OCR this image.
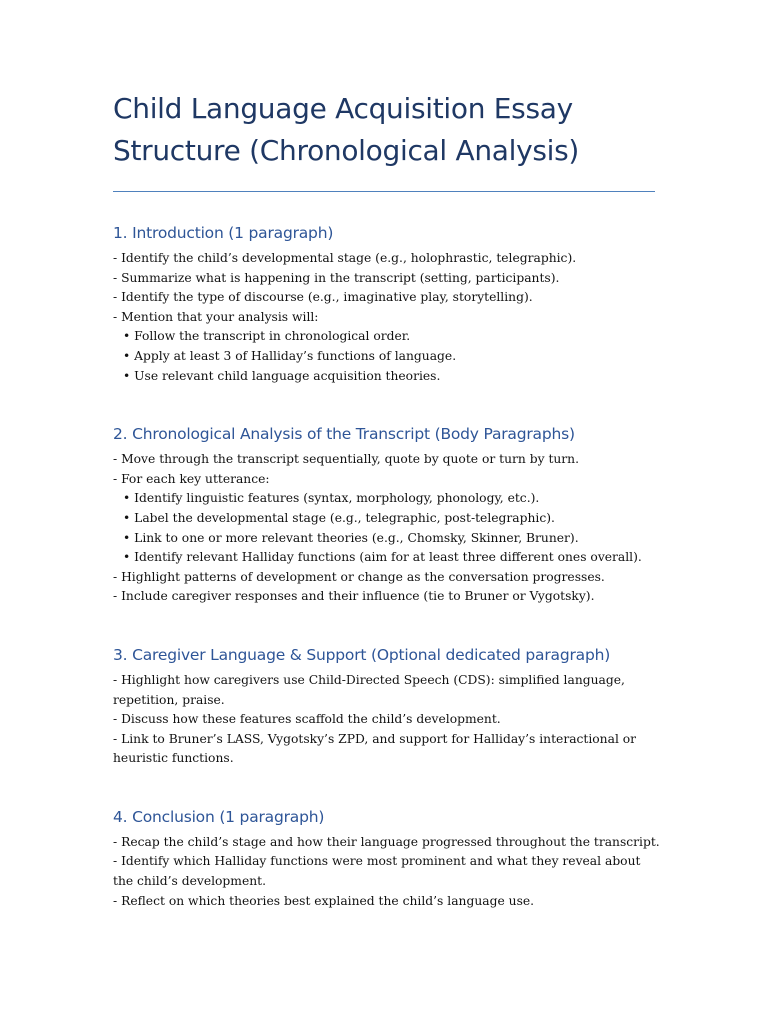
Child Language Acquisition Essay Structure (Chronological Analysis)
1. Introduction (1 paragraph)

- Identify the child’s developmental stage (e.g., holophrastic, telegraphic).

- Summarize what is happening in the transcript (setting, participants).

- Identify the type of discourse (e.g., imaginative play, storytelling).

- Mention that your analysis will:

• Follow the transcript in chronological order.

• Apply at least 3 of Halliday’s functions of language.

• Use relevant child language acquisition theories.

2. Chronological Analysis of the Transcript (Body Paragraphs)

- Move through the transcript sequentially, quote by quote or turn by turn.

- For each key utterance:

• Identify linguistic features (syntax, morphology, phonology, etc.).

• Label the developmental stage (e.g., telegraphic, post-telegraphic).

• Link to one or more relevant theories (e.g., Chomsky, Skinner, Bruner).

• Identify relevant Halliday functions (aim for at least three different ones overall).

- Highlight patterns of development or change as the conversation progresses.

- Include caregiver responses and their influence (tie to Bruner or Vygotsky).

3. Caregiver Language & Support (Optional dedicated paragraph)

- Highlight how caregivers use Child-Directed Speech (CDS): simplified language, repetition, praise.

- Discuss how these features scaffold the child’s development.

- Link to Bruner’s LASS, Vygotsky’s ZPD, and support for Halliday’s interactional or heuristic functions.

4. Conclusion (1 paragraph)

- Recap the child’s stage and how their language progressed throughout the transcript.

- Identify which Halliday functions were most prominent and what they reveal about the child’s development.

- Reflect on which theories best explained the child’s language use.
